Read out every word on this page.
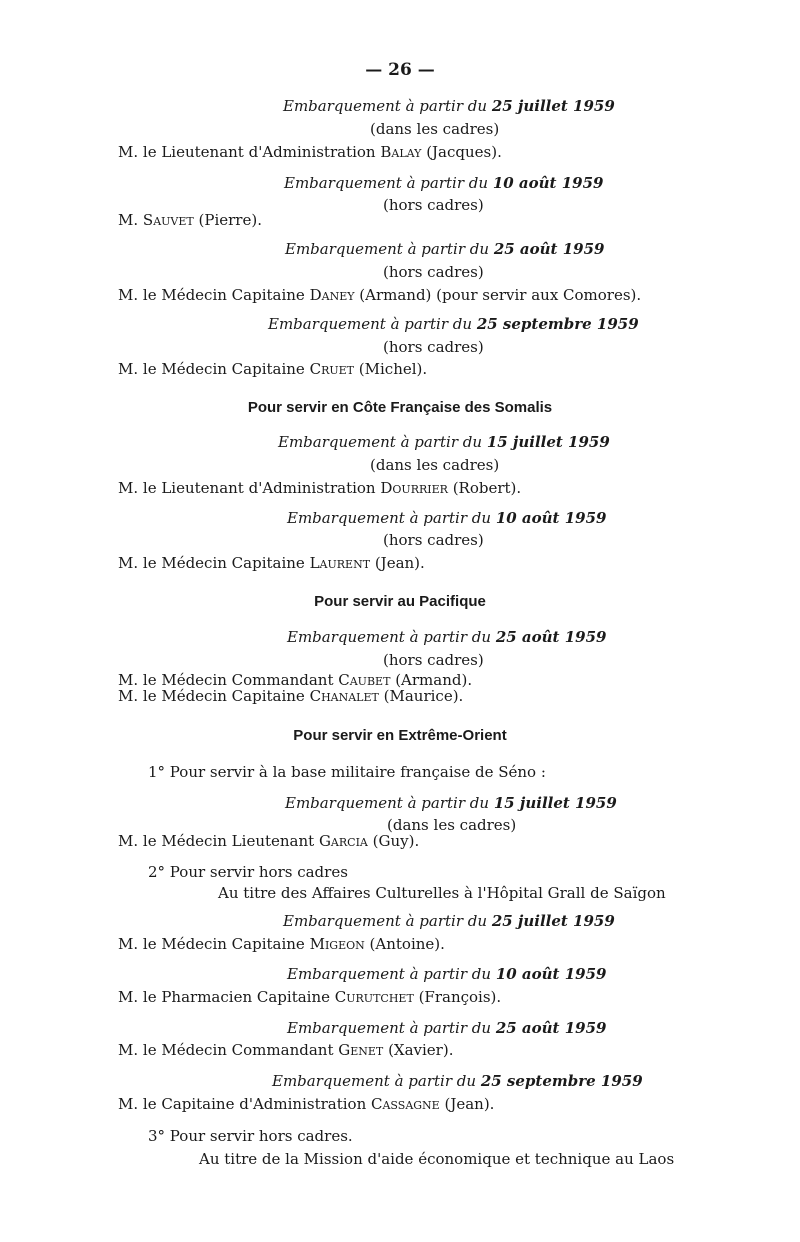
— 26 —
Embarquement à partir du 25 juillet 1959
(dans les cadres)
M. le Lieutenant d'Administration Balay (Jacques).
Embarquement à partir du 10 août 1959
(hors cadres)
M. Sauvet (Pierre).
Embarquement à partir du 25 août 1959
(hors cadres)
M. le Médecin Capitaine Daney (Armand) (pour servir aux Comores).
Embarquement à partir du 25 septembre 1959
(hors cadres)
M. le Médecin Capitaine Cruet (Michel).
Pour servir en Côte Française des Somalis
Embarquement à partir du 15 juillet 1959
(dans les cadres)
M. le Lieutenant d'Administration Dourrier (Robert).
Embarquement à partir du 10 août 1959
(hors cadres)
M. le Médecin Capitaine Laurent (Jean).
Pour servir au Pacifique
Embarquement à partir du 25 août 1959
(hors cadres)
M. le Médecin Commandant Caubet (Armand).
M. le Médecin Capitaine Chanalet (Maurice).
Pour servir en Extrême-Orient
1° Pour servir à la base militaire française de Séno :
Embarquement à partir du 15 juillet 1959
(dans les cadres)
M. le Médecin Lieutenant Garcia (Guy).
2° Pour servir hors cadres
Au titre des Affaires Culturelles à l'Hôpital Grall de Saïgon
Embarquement à partir du 25 juillet 1959
M. le Médecin Capitaine Migeon (Antoine).
Embarquement à partir du 10 août 1959
M. le Pharmacien Capitaine Curutchet (François).
Embarquement à partir du 25 août 1959
M. le Médecin Commandant Genet (Xavier).
Embarquement à partir du 25 septembre 1959
M. le Capitaine d'Administration Cassagne (Jean).
3° Pour servir hors cadres.
Au titre de la Mission d'aide économique et technique au Laos
